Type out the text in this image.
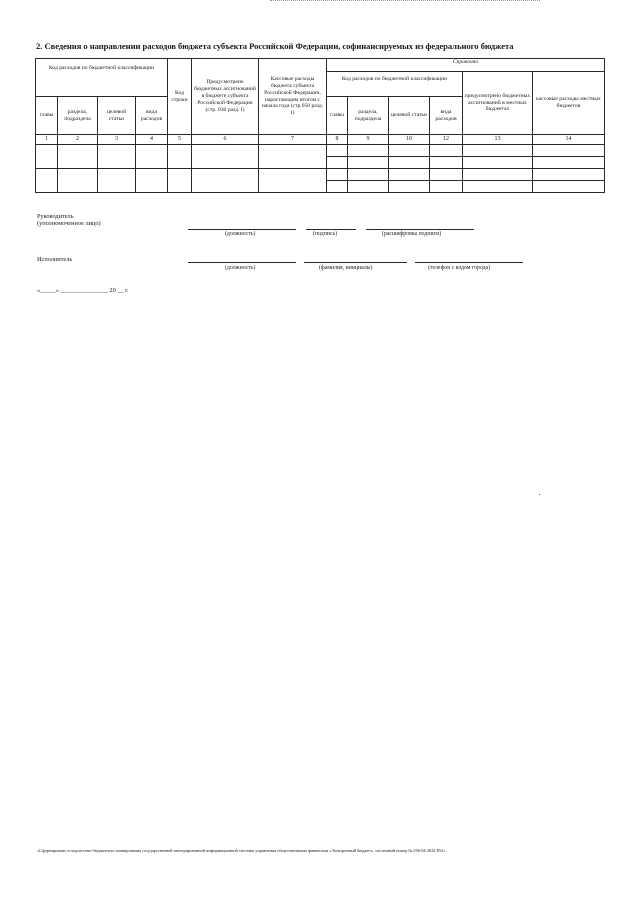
2. Сведения о направлении расходов бюджета субъекта Российской Федерации, софинансируемых из федерального бюджета
Код расходов по бюджетной классификации				Код строки	Предусмотрено бюджетных ассигнований в бюджете субъекта Российской Федерации (стр. 030 разд. I)	Кассовые расходы бюджета субъекта Российской Федерации, нарастающим итогом с начала года (стр.050 разд. I)	Справочно					
							Код расходов по бюджетной классификации				предусмотрено бюджетных ассигнований в местных бюджетах	кассовые расходы местных бюджетов
главы	раздела, подраздела	целевой статьи	вида расходов				главы	раздела, подраздела	целевой статьи	вида расходов		
1	2	3	4	5	6	7	8	9	10	12	13	14

Руководитель
(уполномоченное лицо)
(должность)	(подпись)	(расшифровка подписи)
Исполнитель
(должность)	(фамилия, инициалы)	(телефон с кодом города)
«_____» _______________ 20 __ г.
«Сформировано в подсистеме бюджетного планирования государственной интегрированной информационной системы управления общественными финансами «Электронный бюджет», системный номер № 056-04-2022-852»
